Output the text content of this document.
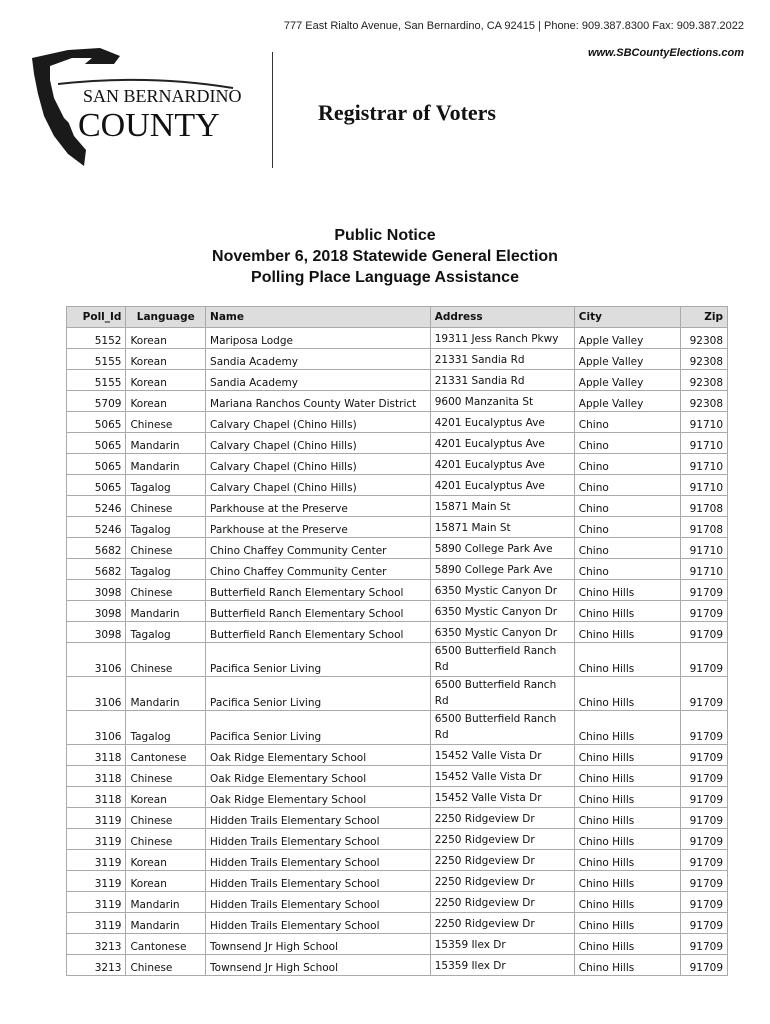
777 East Rialto Avenue, San Bernardino, CA 92415 | Phone: 909.387.8300 Fax: 909.387.2022
www.SBCountyElections.com
SAN BERNARDINO
COUNTY	Registrar of Voters
Public Notice
November 6, 2018 Statewide General Election
Polling Place Language Assistance
Poll_Id	Language	Name	Address	City	Zip
5152	Korean	Mariposa Lodge	19311 Jess Ranch Pkwy	Apple Valley	92308
5155	Korean	Sandia Academy	21331 Sandia Rd	Apple Valley	92308
5155	Korean	Sandia Academy	21331 Sandia Rd	Apple Valley	92308
5709	Korean	Mariana Ranchos County Water District	9600 Manzanita St	Apple Valley	92308
5065	Chinese	Calvary Chapel (Chino Hills)	4201 Eucalyptus Ave	Chino	91710
5065	Mandarin	Calvary Chapel (Chino Hills)	4201 Eucalyptus Ave	Chino	91710
5065	Mandarin	Calvary Chapel (Chino Hills)	4201 Eucalyptus Ave	Chino	91710
5065	Tagalog	Calvary Chapel (Chino Hills)	4201 Eucalyptus Ave	Chino	91710
5246	Chinese	Parkhouse at the Preserve	15871 Main St	Chino	91708
5246	Tagalog	Parkhouse at the Preserve	15871 Main St	Chino	91708
5682	Chinese	Chino Chaffey Community Center	5890 College Park Ave	Chino	91710
5682	Tagalog	Chino Chaffey Community Center	5890 College Park Ave	Chino	91710
3098	Chinese	Butterfield Ranch Elementary School	6350 Mystic Canyon Dr	Chino Hills	91709
3098	Mandarin	Butterfield Ranch Elementary School	6350 Mystic Canyon Dr	Chino Hills	91709
3098	Tagalog	Butterfield Ranch Elementary School	6350 Mystic Canyon Dr	Chino Hills	91709
3106	Chinese	Pacifica Senior Living	6500 Butterfield Ranch Rd	Chino Hills	91709
3106	Mandarin	Pacifica Senior Living	6500 Butterfield Ranch Rd	Chino Hills	91709
3106	Tagalog	Pacifica Senior Living	6500 Butterfield Ranch Rd	Chino Hills	91709
3118	Cantonese	Oak Ridge Elementary School	15452 Valle Vista Dr	Chino Hills	91709
3118	Chinese	Oak Ridge Elementary School	15452 Valle Vista Dr	Chino Hills	91709
3118	Korean	Oak Ridge Elementary School	15452 Valle Vista Dr	Chino Hills	91709
3119	Chinese	Hidden Trails Elementary School	2250 Ridgeview Dr	Chino Hills	91709
3119	Chinese	Hidden Trails Elementary School	2250 Ridgeview Dr	Chino Hills	91709
3119	Korean	Hidden Trails Elementary School	2250 Ridgeview Dr	Chino Hills	91709
3119	Korean	Hidden Trails Elementary School	2250 Ridgeview Dr	Chino Hills	91709
3119	Mandarin	Hidden Trails Elementary School	2250 Ridgeview Dr	Chino Hills	91709
3119	Mandarin	Hidden Trails Elementary School	2250 Ridgeview Dr	Chino Hills	91709
3213	Cantonese	Townsend Jr High School	15359 Ilex Dr	Chino Hills	91709
3213	Chinese	Townsend Jr High School	15359 Ilex Dr	Chino Hills	91709
